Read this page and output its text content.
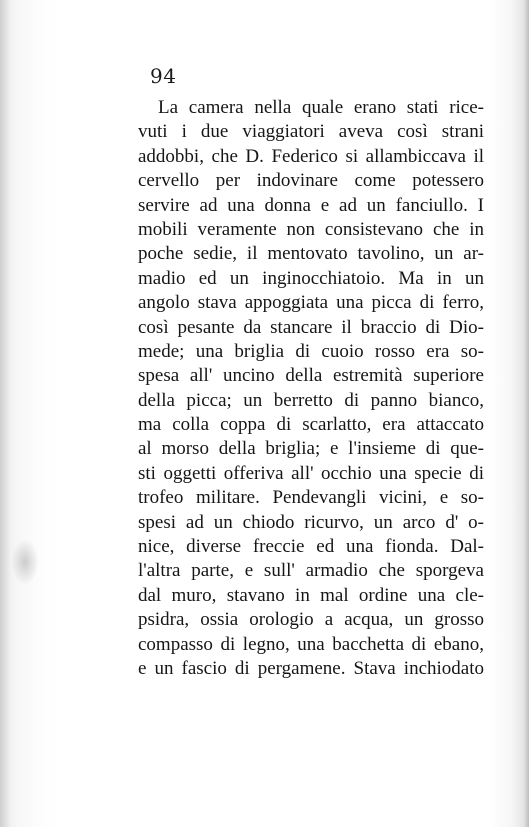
94
La camera nella quale erano stati rice-
vuti i due viaggiatori aveva così strani
addobbi, che D. Federico si allambiccava il
cervello per indovinare come potessero
servire ad una donna e ad un fanciullo. I
mobili veramente non consistevano che in
poche sedie, il mentovato tavolino, un ar-
madio ed un inginocchiatoio. Ma in un
angolo stava appoggiata una picca di ferro,
così pesante da stancare il braccio di Dio-
mede; una briglia di cuoio rosso era so-
spesa all' uncino della estremità superiore
della picca; un berretto di panno bianco,
ma colla coppa di scarlatto, era attaccato
al morso della briglia; e l'insieme di que-
sti oggetti offeriva all' occhio una specie di
trofeo militare. Pendevangli vicini, e so-
spesi ad un chiodo ricurvo, un arco d' o-
nice, diverse freccie ed una fionda. Dal-
l'altra parte, e sull' armadio che sporgeva
dal muro, stavano in mal ordine una cle-
psidra, ossia orologio a acqua, un grosso
compasso di legno, una bacchetta di ebano,
e un fascio di pergamene. Stava inchiodato
